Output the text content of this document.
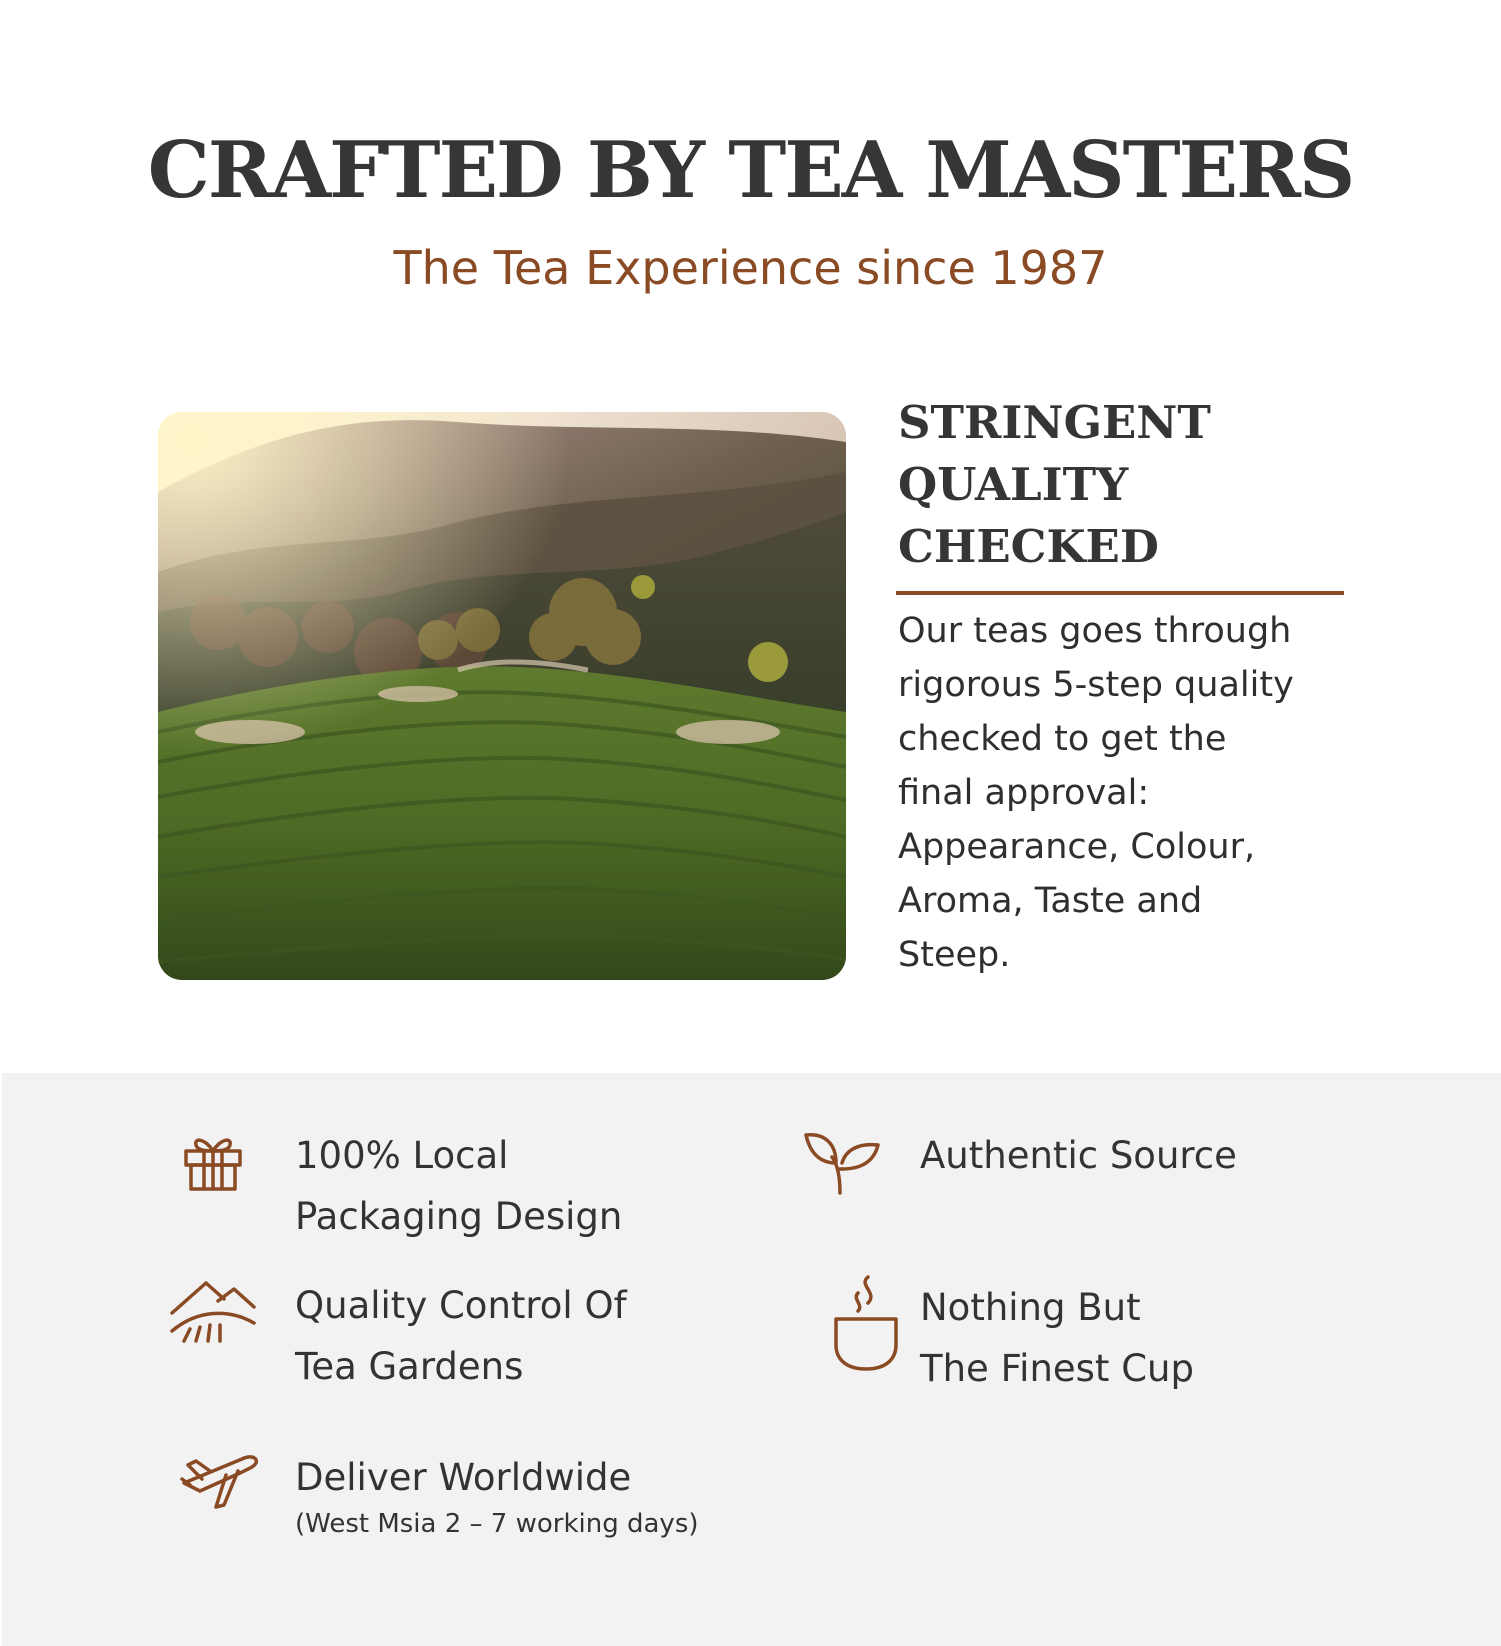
CRAFTED BY TEA MASTERS
The Tea Experience since 1987
STRINGENT
QUALITY
CHECKED

Our teas goes through
rigorous 5-step quality
checked to get the
final approval:
Appearance, Colour,
Aroma, Taste and
Steep.

100% Local
Packaging Design
Authentic Source
Quality Control Of
Tea Gardens
Nothing But
The Finest Cup
Deliver Worldwide
(West Msia 2 – 7 working days)
